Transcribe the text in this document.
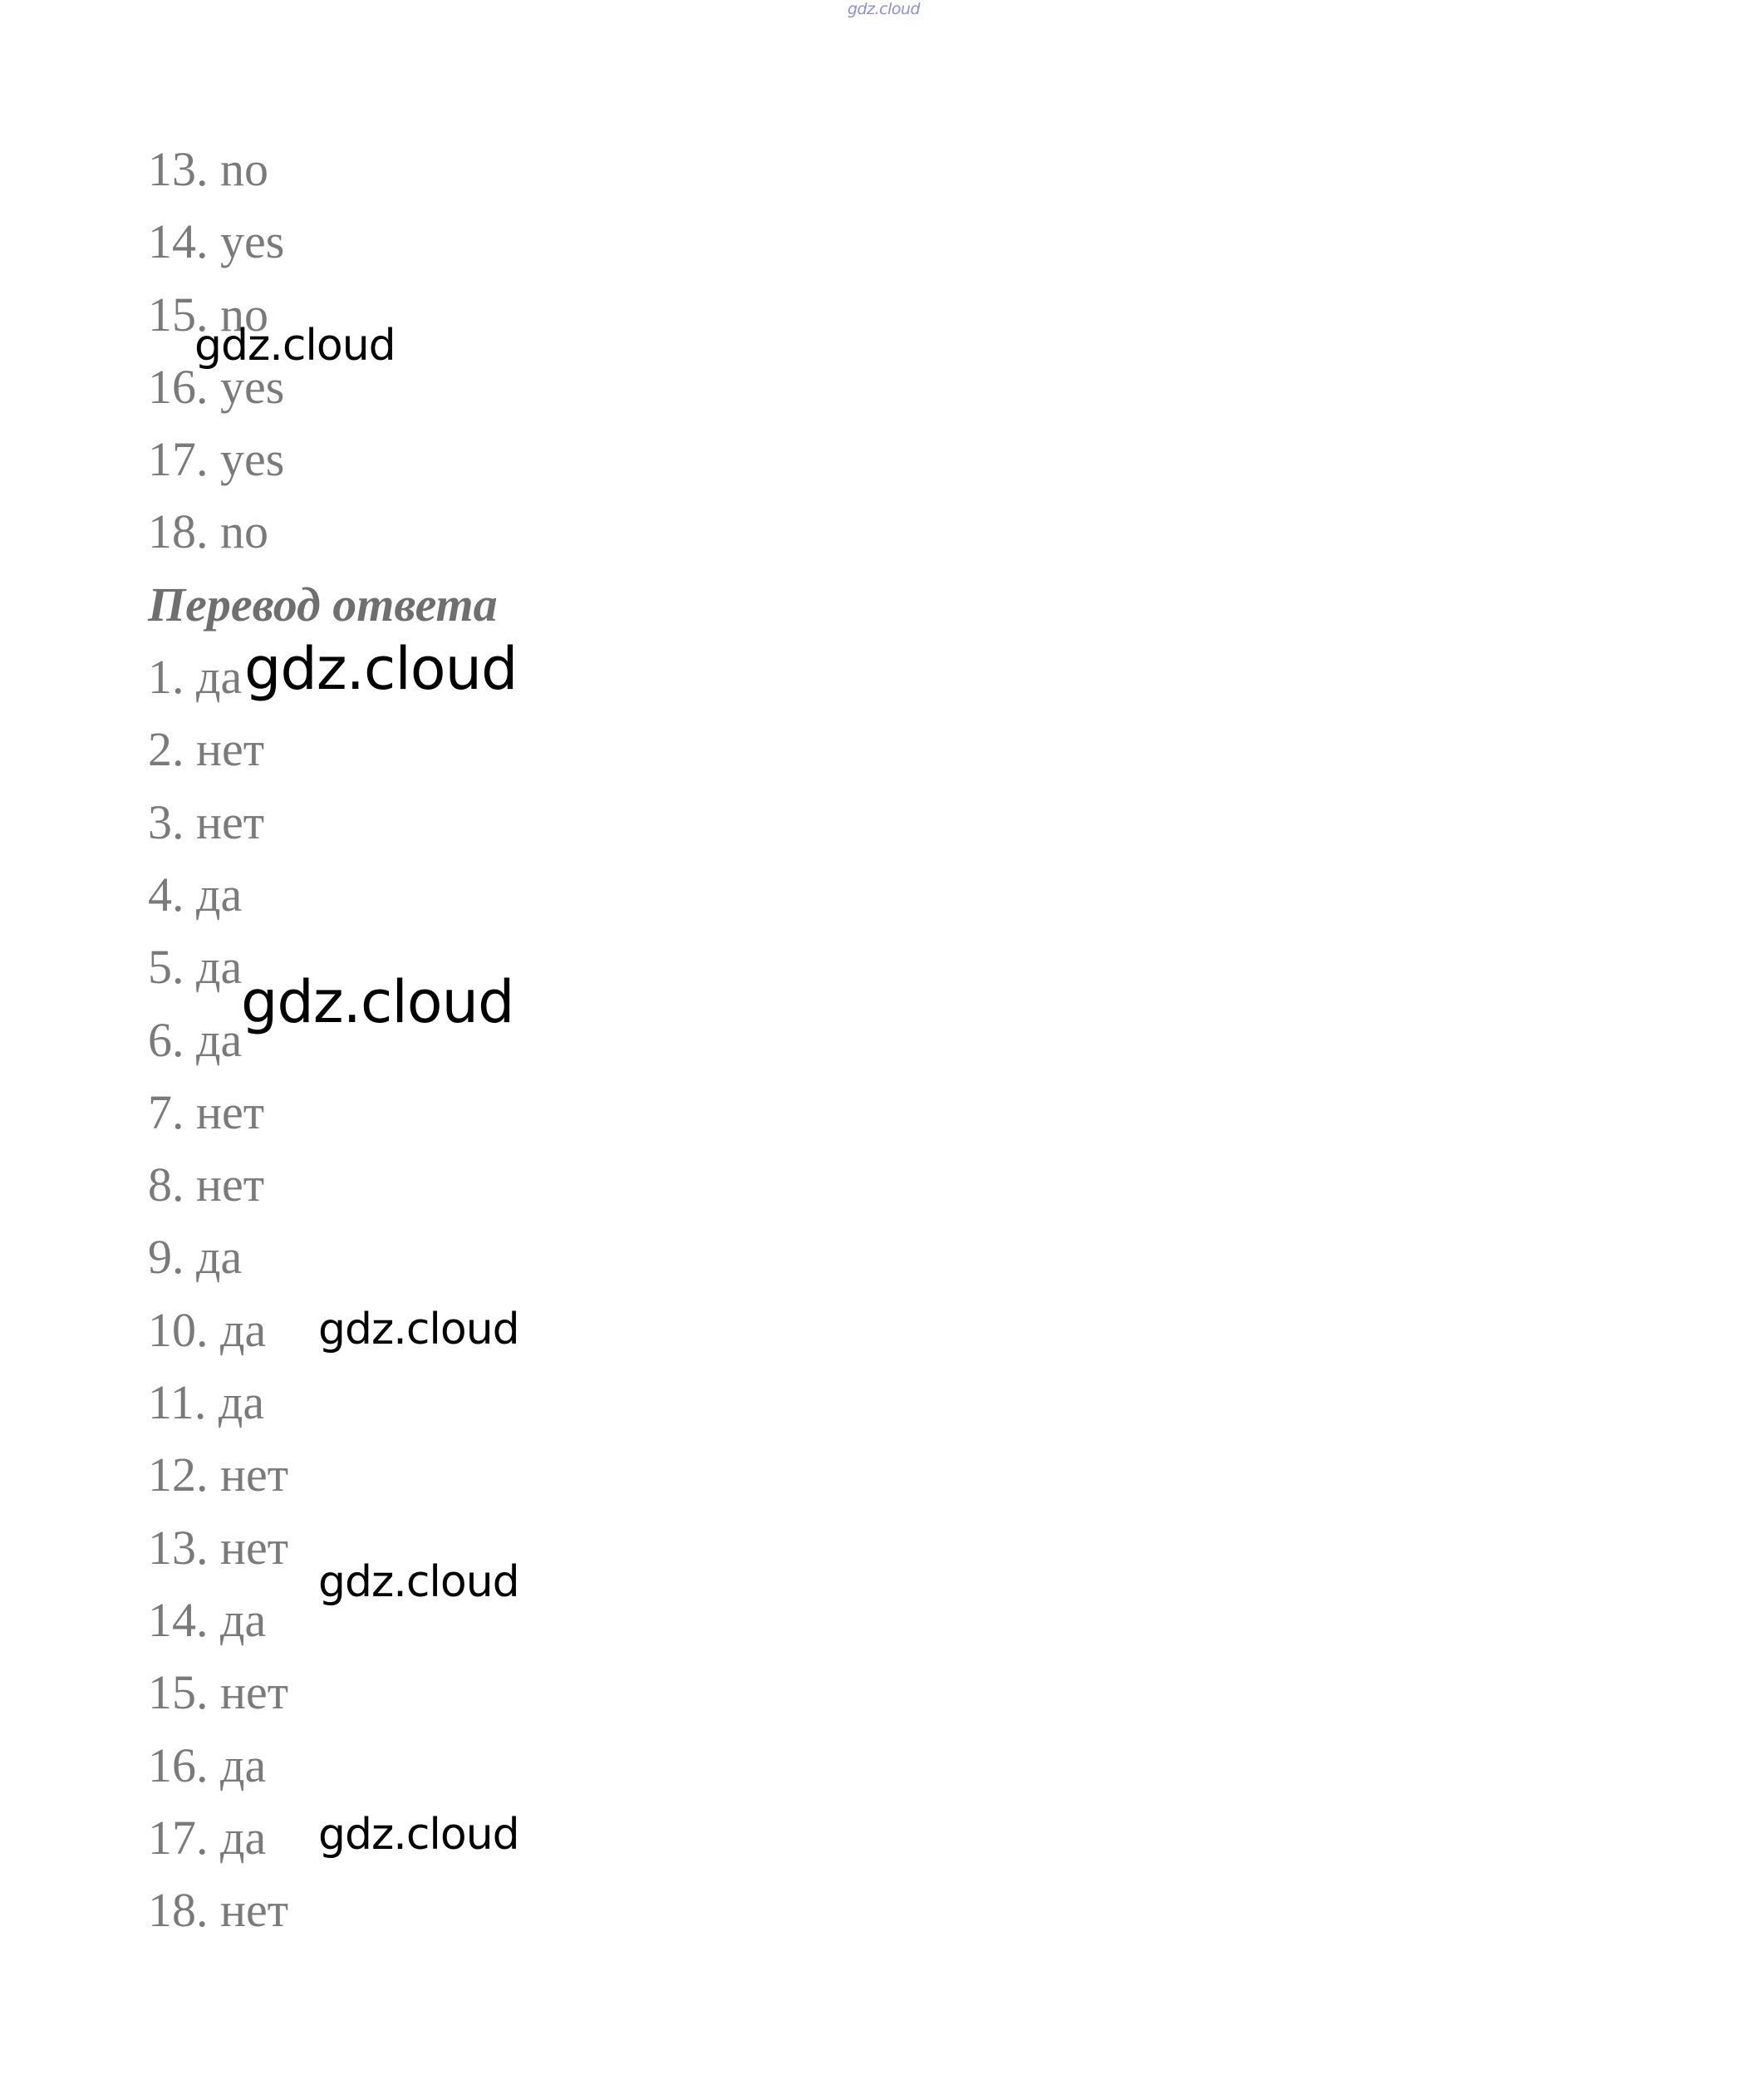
gdz.cloud
13. no
14. yes
15. no
16. yes
17. yes
18. no
Перевод ответа
1. да
2. нет
3. нет
4. да
5. да
6. да
7. нет
8. нет
9. да
10. да
11. да
12. нет
13. нет
14. да
15. нет
16. да
17. да
18. нет
gdz.cloud
gdz.cloud
gdz.cloud
gdz.cloud
gdz.cloud
gdz.cloud
